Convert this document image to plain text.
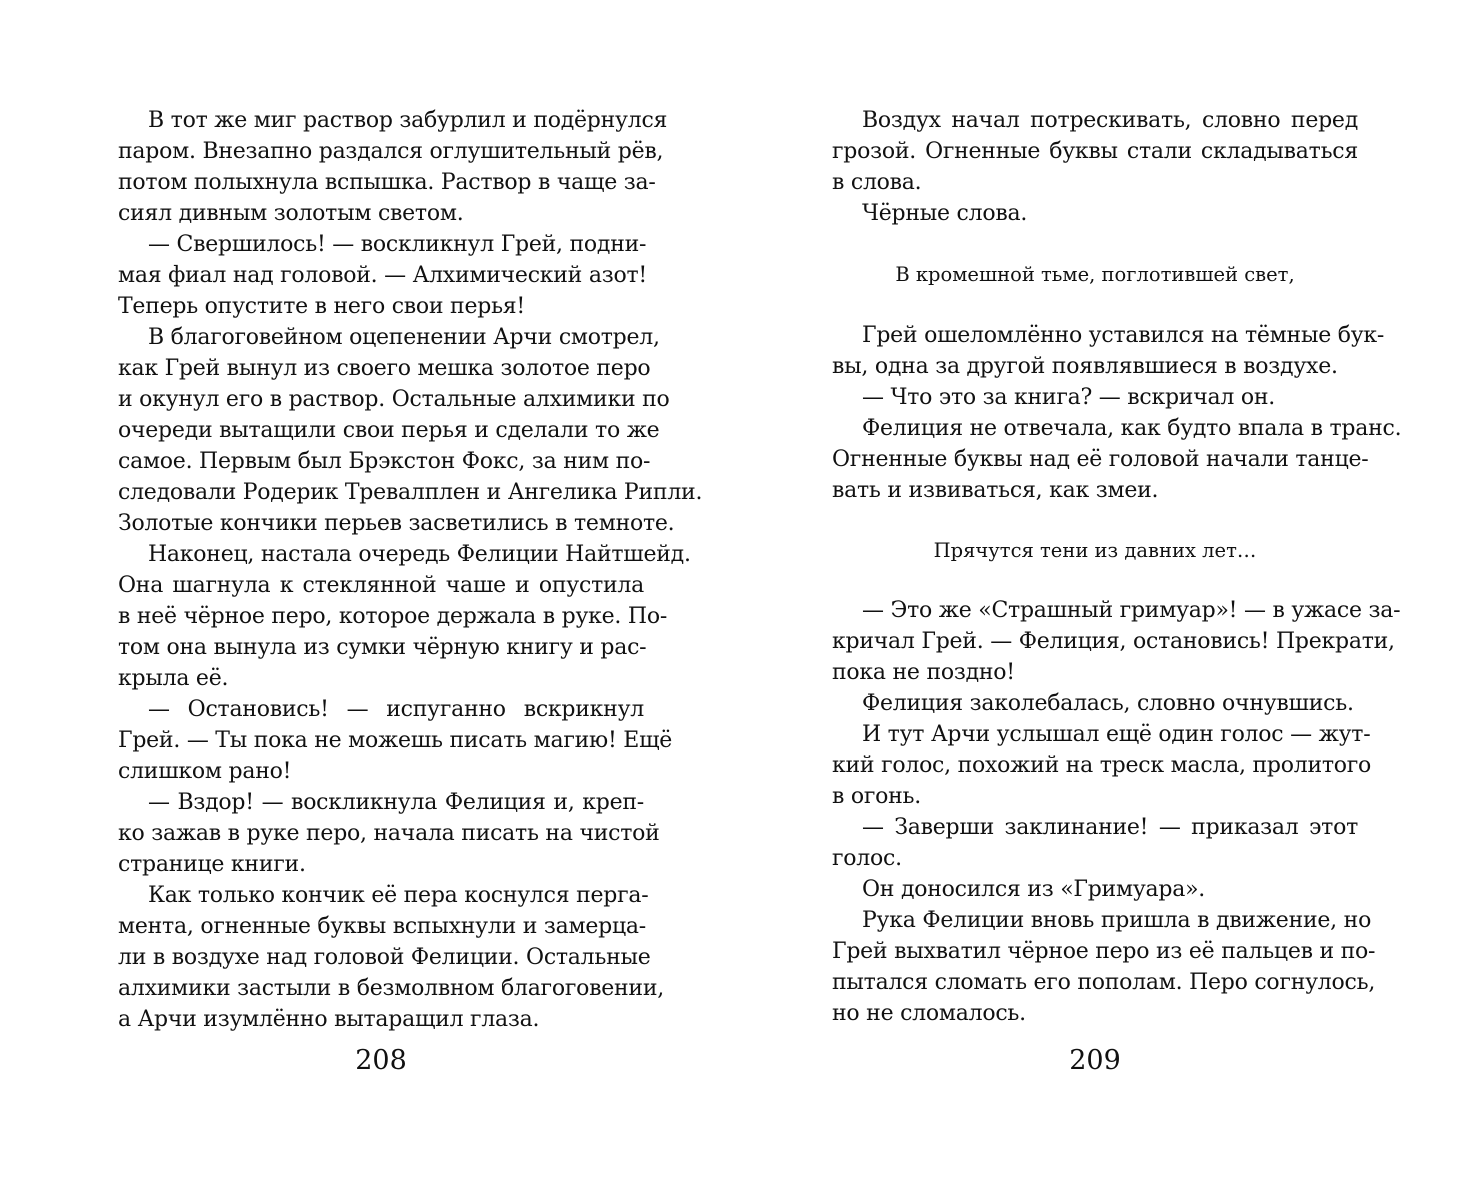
В тот же миг раствор забурлил и подёрнулся
паром. Внезапно раздался оглушительный рёв,
потом полыхнула вспышка. Раствор в чаще за-
сиял дивным золотым светом.
— Свершилось! — воскликнул Грей, подни-
мая фиал над головой. — Алхимический азот!
Теперь опустите в него свои перья!
В благоговейном оцепенении Арчи смотрел,
как Грей вынул из своего мешка золотое перо
и окунул его в раствор. Остальные алхимики по
очереди вытащили свои перья и сделали то же
самое. Первым был Брэкстон Фокс, за ним по-
следовали Родерик Тревалплен и Ангелика Рипли.
Золотые кончики перьев засветились в темноте.
Наконец, настала очередь Фелиции Найтшейд.
Она шагнула к стеклянной чаше и опустила
в неё чёрное перо, которое держала в руке. По-
том она вынула из сумки чёрную книгу и рас-
крыла её.
— Остановись! — испуганно вскрикнул
Грей. — Ты пока не можешь писать магию! Ещё
слишком рано!
— Вздор! — воскликнула Фелиция и, креп-
ко зажав в руке перо, начала писать на чистой
странице книги.
Как только кончик её пера коснулся перга-
мента, огненные буквы вспыхнули и замерца-
ли в воздухе над головой Фелиции. Остальные
алхимики застыли в безмолвном благоговении,
а Арчи изумлённо вытаращил глаза.
208
Воздух начал потрескивать, словно перед
грозой. Огненные буквы стали складываться
в слова.
Чёрные слова.
В кромешной тьме, поглотившей свет,
Грей ошеломлённо уставился на тёмные бук-
вы, одна за другой появлявшиеся в воздухе.
— Что это за книга? — вскричал он.
Фелиция не отвечала, как будто впала в транс.
Огненные буквы над её головой начали танце-
вать и извиваться, как змеи.
Прячутся тени из давних лет…
— Это же «Страшный гримуар»! — в ужасе за-
кричал Грей. — Фелиция, остановись! Прекрати,
пока не поздно!
Фелиция заколебалась, словно очнувшись.
И тут Арчи услышал ещё один голос — жут-
кий голос, похожий на треск масла, пролитого
в огонь.
— Заверши заклинание! — приказал этот
голос.
Он доносился из «Гримуара».
Рука Фелиции вновь пришла в движение, но
Грей выхватил чёрное перо из её пальцев и по-
пытался сломать его пополам. Перо согнулось,
но не сломалось.
209
